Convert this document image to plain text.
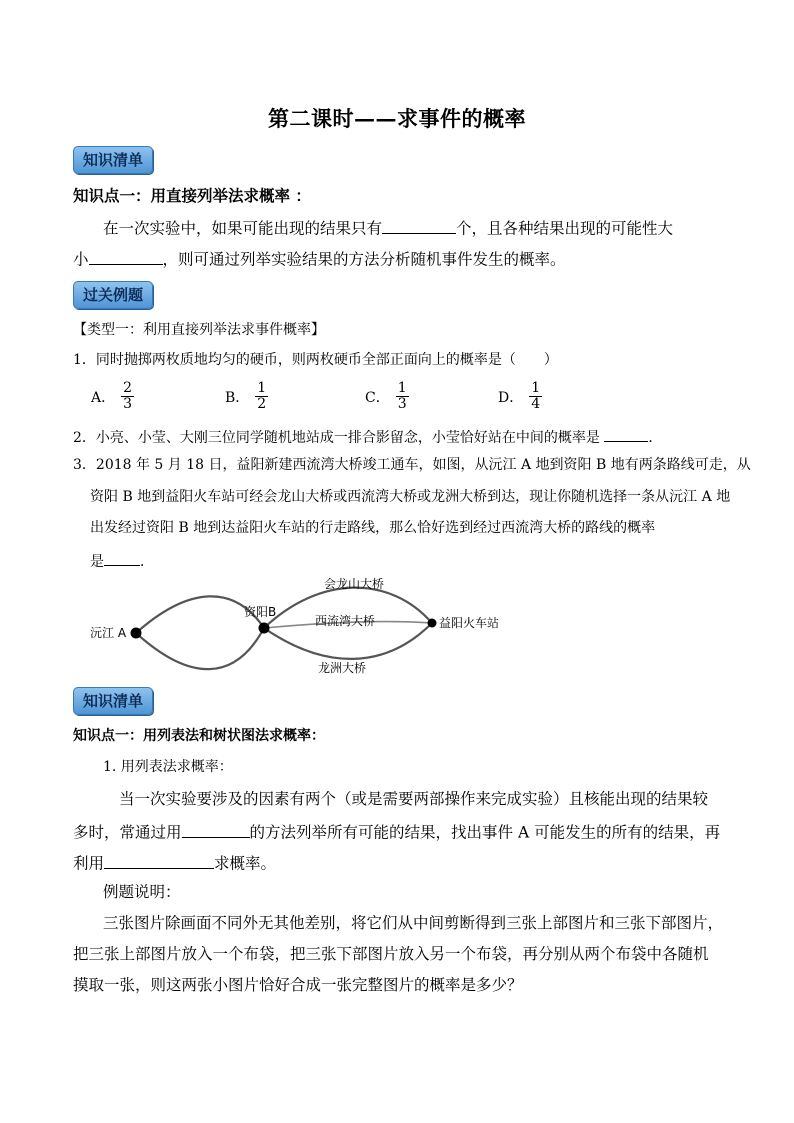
第二课时——求事件的概率
知识清单
知识点一：用直接列举法求概率 ：
在一次实验中，如果可能出现的结果只有	个，且各种结果出现的可能性大
小	，则可通过列举实验结果的方法分析随机事件发生的概率。
过关例题
【类型一：利用直接列举法求事件概率】
1．同时抛掷两枚质地均匀的硬币，则两枚硬币全部正面向上的概率是（　　）
A． $\frac{2}{3}$	B． $\frac{1}{2}$	C． $\frac{1}{3}$	D． $\frac{1}{4}$
2．小亮、小莹、大刚三位同学随机地站成一排合影留念，小莹恰好站在中间的概率是	．
3．2018 年 5 月 18 日，益阳新建西流湾大桥竣工通车，如图，从沅江 A 地到资阳 B 地有两条路线可走，从
资阳 B 地到益阳火车站可经会龙山大桥或西流湾大桥或龙洲大桥到达，现让你随机选择一条从沅江 A 地
出发经过资阳 B 地到达益阳火车站的行走路线，那么恰好选到经过西流湾大桥的路线的概率
是	．
沅江 A
资阳B
益阳火车站
会龙山大桥
西流湾大桥
龙洲大桥
知识清单
知识点一：用列表法和树状图法求概率：
1. 用列表法求概率：
当一次实验要涉及的因素有两个（或是需要两部操作来完成实验）且核能出现的结果较
多时，常通过用	的方法列举所有可能的结果，找出事件 A 可能发生的所有的结果，再
利用	求概率。
例题说明：
三张图片除画面不同外无其他差别，将它们从中间剪断得到三张上部图片和三张下部图片，
把三张上部图片放入一个布袋，把三张下部图片放入另一个布袋，再分别从两个布袋中各随机
摸取一张，则这两张小图片恰好合成一张完整图片的概率是多少？
